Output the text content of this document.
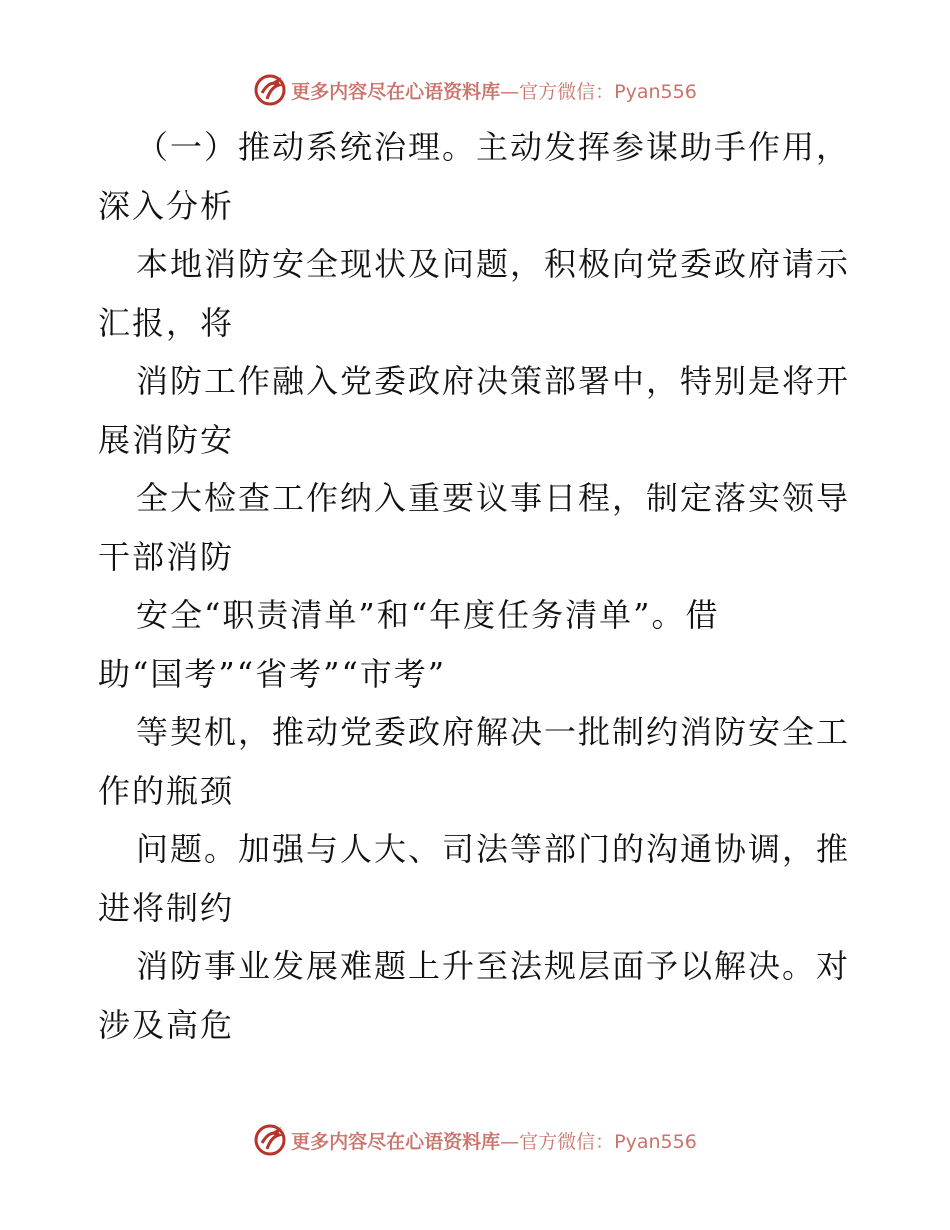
更多内容尽在心语资料库—官方微信：Pyan556
（一）推动系统治理。主动发挥参谋助手作用，
深入分析
本地消防安全现状及问题，积极向党委政府请示
汇报，将
消防工作融入党委政府决策部署中，特别是将开
展消防安
全大检查工作纳入重要议事日程，制定落实领导
干部消防
安全“职责清单”和“年度任务清单”。借
助“国考”“省考”“市考”
等契机，推动党委政府解决一批制约消防安全工
作的瓶颈
问题。加强与人大、司法等部门的沟通协调，推
进将制约
消防事业发展难题上升至法规层面予以解决。对
涉及高危
更多内容尽在心语资料库—官方微信：Pyan556
